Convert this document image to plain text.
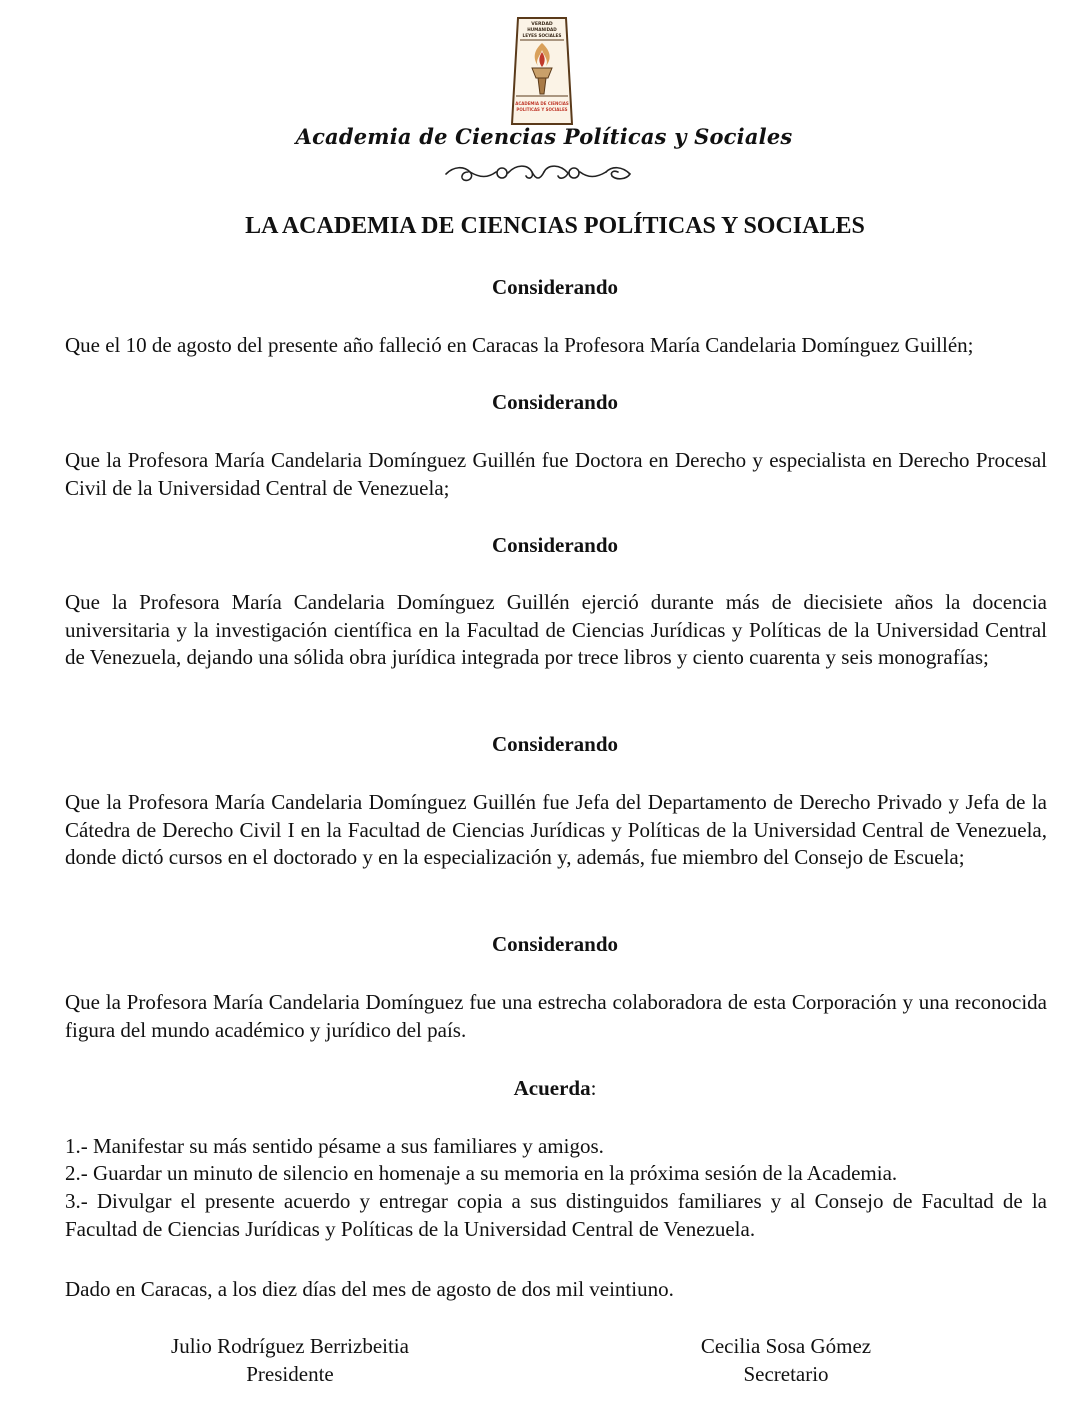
VERDAD
HUMANIDAD
LEYES SOCIALES
ACADEMIA DE CIENCIAS
POLITICAS Y SOCIALES
Academia de Ciencias Políticas y Sociales
LA ACADEMIA DE CIENCIAS POLÍTICAS Y SOCIALES
Considerando
Que el 10 de agosto del presente año falleció en Caracas la Profesora María Candelaria Domínguez Guillén;
Considerando
Que la Profesora María Candelaria Domínguez Guillén fue Doctora en Derecho y especialista en Derecho Procesal Civil de la Universidad Central de Venezuela;
Considerando
Que la Profesora María Candelaria Domínguez Guillén ejerció durante más de diecisiete años la docencia universitaria y la investigación científica en la Facultad de Ciencias Jurídicas y Políticas de la Universidad Central de Venezuela, dejando una sólida obra jurídica integrada por trece libros y ciento cuarenta y seis monografías;
Considerando
Que la Profesora María Candelaria Domínguez Guillén fue Jefa del Departamento de Derecho Privado y Jefa de la Cátedra de Derecho Civil I en la Facultad de Ciencias Jurídicas y Políticas de la Universidad Central de Venezuela, donde dictó cursos en el doctorado y en la especialización y, además, fue miembro del Consejo de Escuela;
Considerando
Que la Profesora María Candelaria Domínguez fue una estrecha colaboradora de esta Corporación y una reconocida figura del mundo académico y jurídico del país.
Acuerda:
1.- Manifestar su más sentido pésame a sus familiares y amigos.
2.- Guardar un minuto de silencio en homenaje a su memoria en la próxima sesión de la Academia.
3.- Divulgar el presente acuerdo y entregar copia a sus distinguidos familiares y al Consejo de Facultad de la Facultad de Ciencias Jurídicas y Políticas de la Universidad Central de Venezuela.
Dado en Caracas, a los diez días del mes de agosto de dos mil veintiuno.
Julio Rodríguez Berrizbeitia
Presidente
Cecilia Sosa Gómez
Secretario
